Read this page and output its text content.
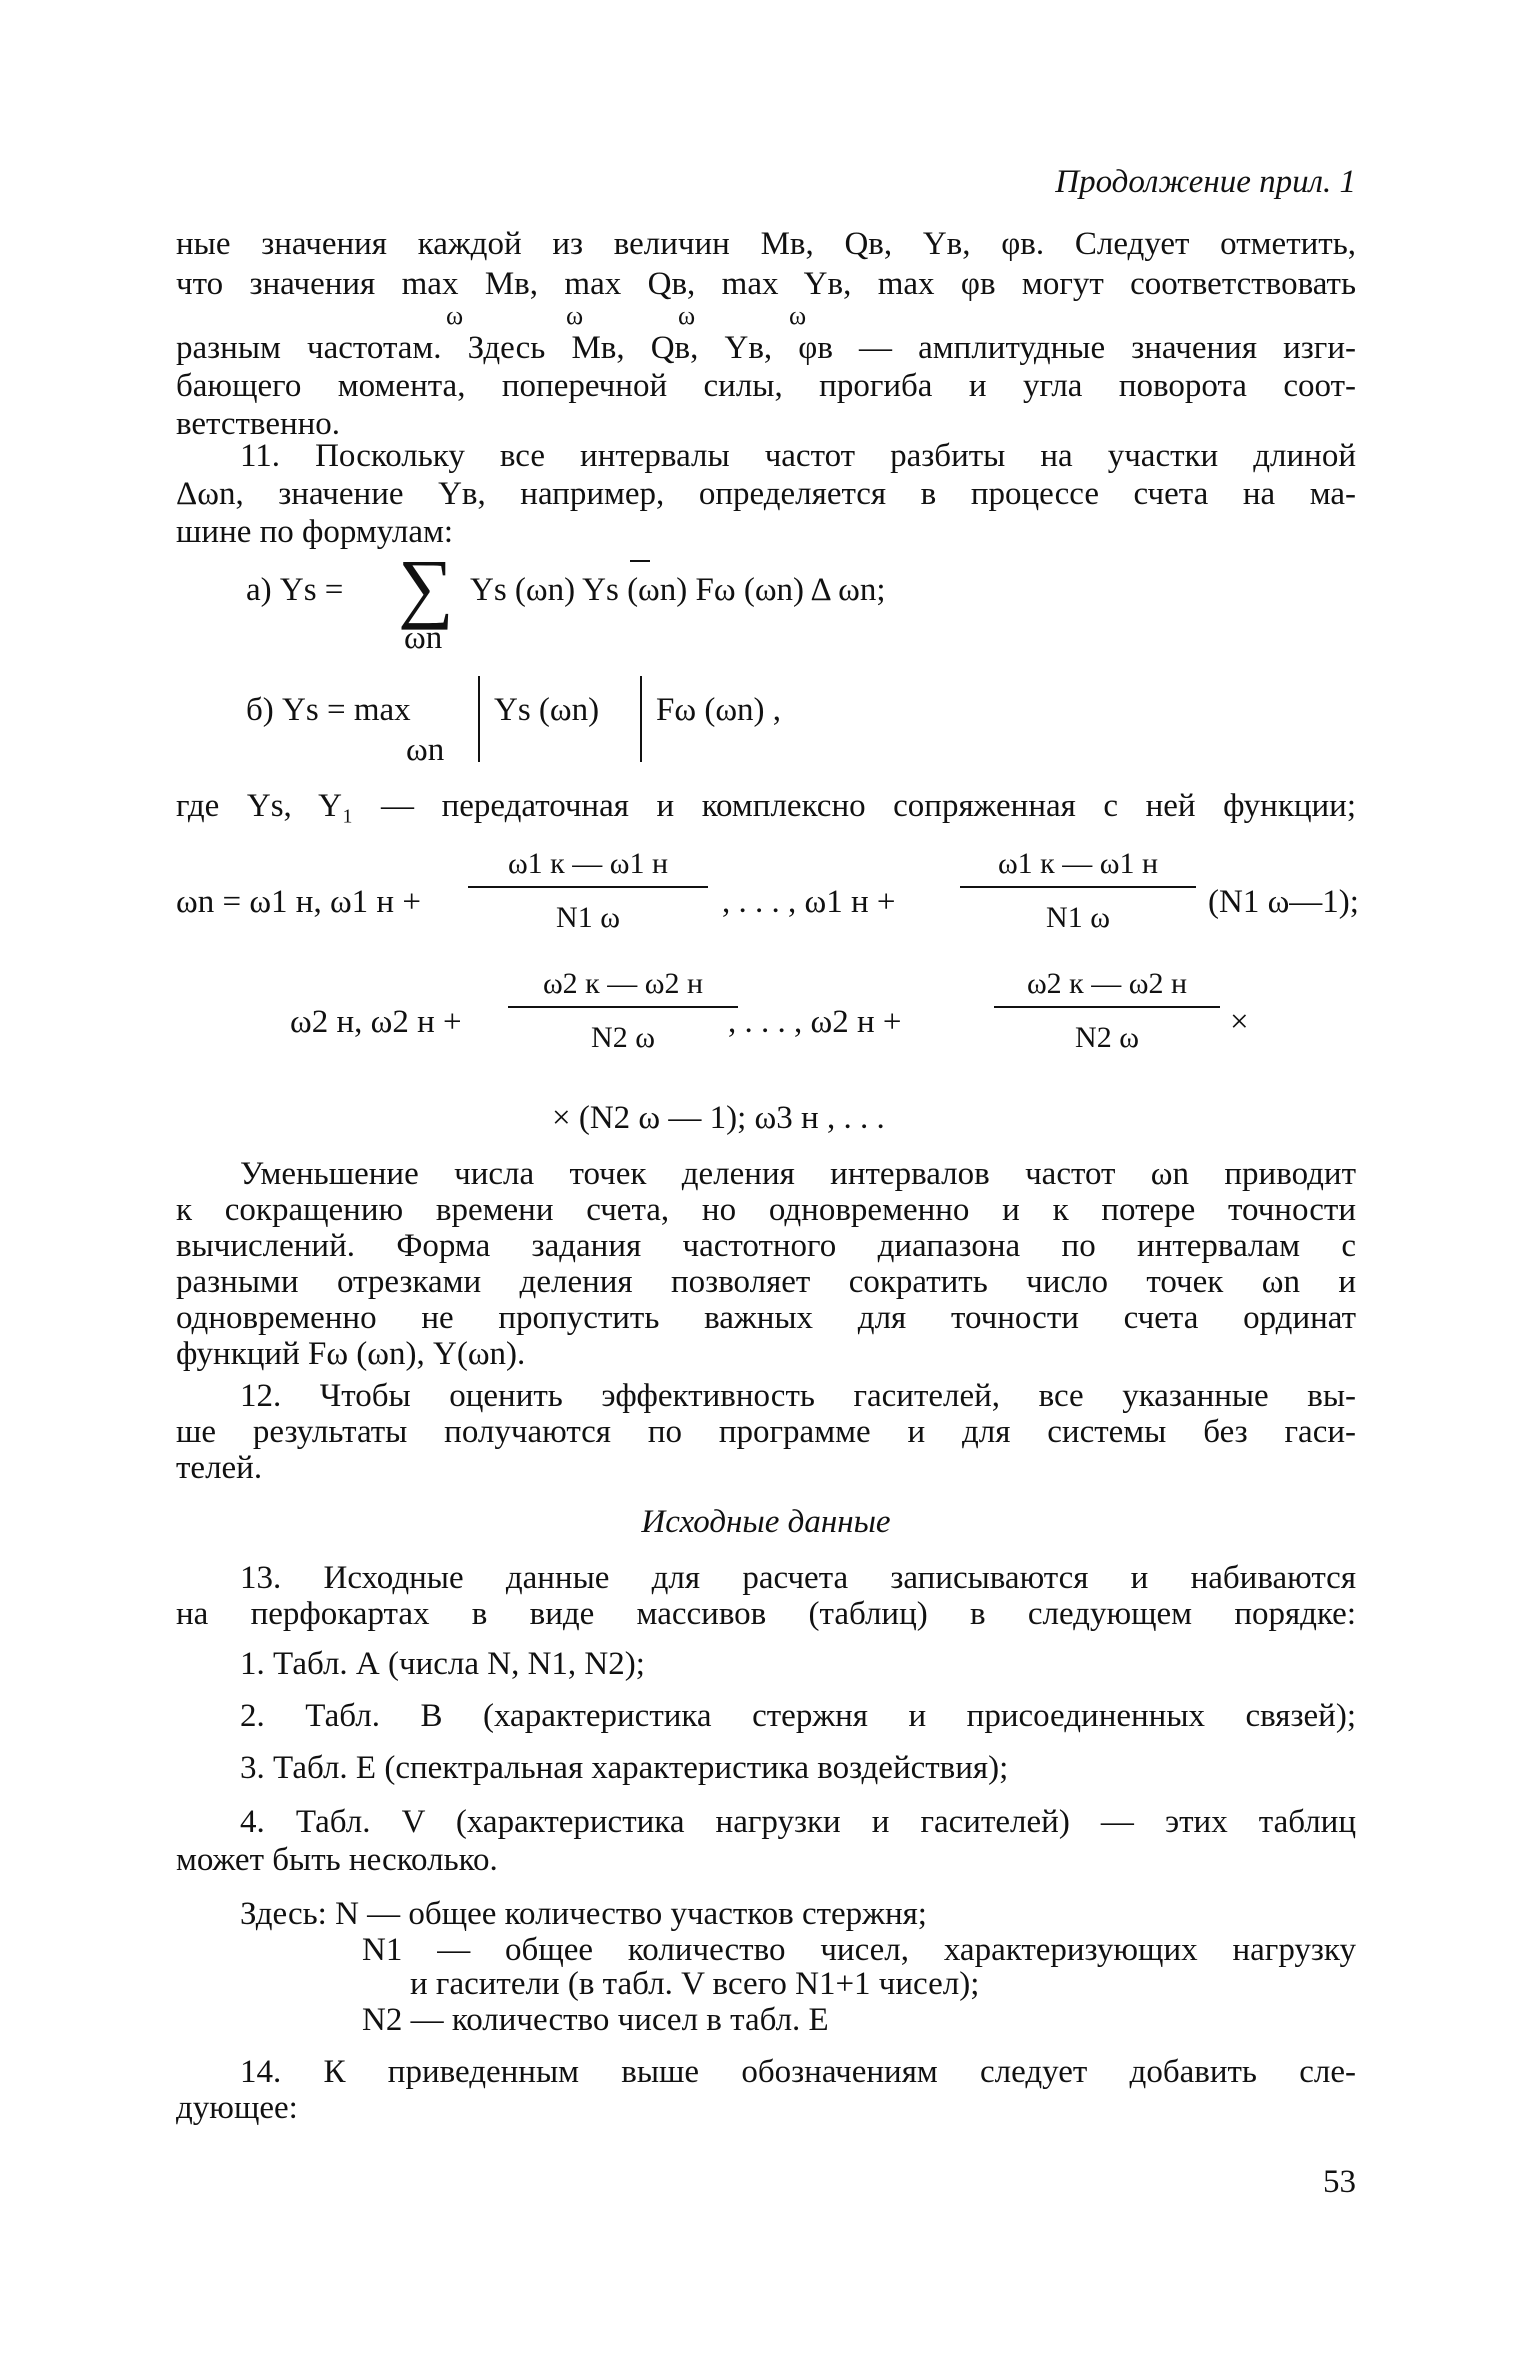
Продолжение прил. 1
ные значения каждой из величин Mв, Qв, Yв, φв. Следует отметить,
что значения max Mв, max Qв, max Yв, max φв могут соответствовать
ω	ω	ω	ω
разным частотам. Здесь Mв, Qв, Yв, φв — амплитудные значения изги-
бающего момента, поперечной силы, прогиба и угла поворота соот-
ветственно.
11. Поскольку все интервалы частот разбиты на участки длиной
Δωn, значение Yв, например, определяется в процессе счета на ма-
шине по формулам:
а) Ys = ∑
ωn
Ys (ωn) Ys (ωn) Fω (ωn) Δ ωn;
б) Ys = max
ωn
Ys (ωn) Fω (ωn) ,
где Ys, Y₁ — передаточная и комплексно сопряженная с ней функции;
ωn = ω1 н, ω1 н +
ω1 к — ω1 н
N1 ω	, . . . , ω1 н +
ω1 к — ω1 н
N1 ω	(N1 ω—1);
ω2 н, ω2 н +
ω2 к — ω2 н
N2 ω	, . . . , ω2 н +
ω2 к — ω2 н
N2 ω	×
× (N2 ω — 1); ω3 н , . . .
Уменьшение числа точек деления интервалов частот ωn приводит
к сокращению времени счета, но одновременно и к потере точности
вычислений. Форма задания частотного диапазона по интервалам с
разными отрезками деления позволяет сократить число точек ωn и
одновременно не пропустить важных для точности счета ординат
функций Fω (ωn), Y(ωn).
12. Чтобы оценить эффективность гасителей, все указанные вы-
ше результаты получаются по программе и для системы без гаси-
телей.
Исходные данные
13. Исходные данные для расчета записываются и набиваются
на перфокартах в виде массивов (таблиц) в следующем порядке:
1. Табл. А (числа N, N1, N2);
2. Табл. В (характеристика стержня и присоединенных связей);
3. Табл. Е (спектральная характеристика воздействия);
4. Табл. V (характеристика нагрузки и гасителей) — этих таблиц
может быть несколько.
Здесь: N — общее количество участков стержня;
N1 — общее количество чисел, характеризующих нагрузку
и гасители (в табл. V всего N1+1 чисел);
N2 — количество чисел в табл. Е
14. К приведенным выше обозначениям следует добавить сле-
дующее:
53
